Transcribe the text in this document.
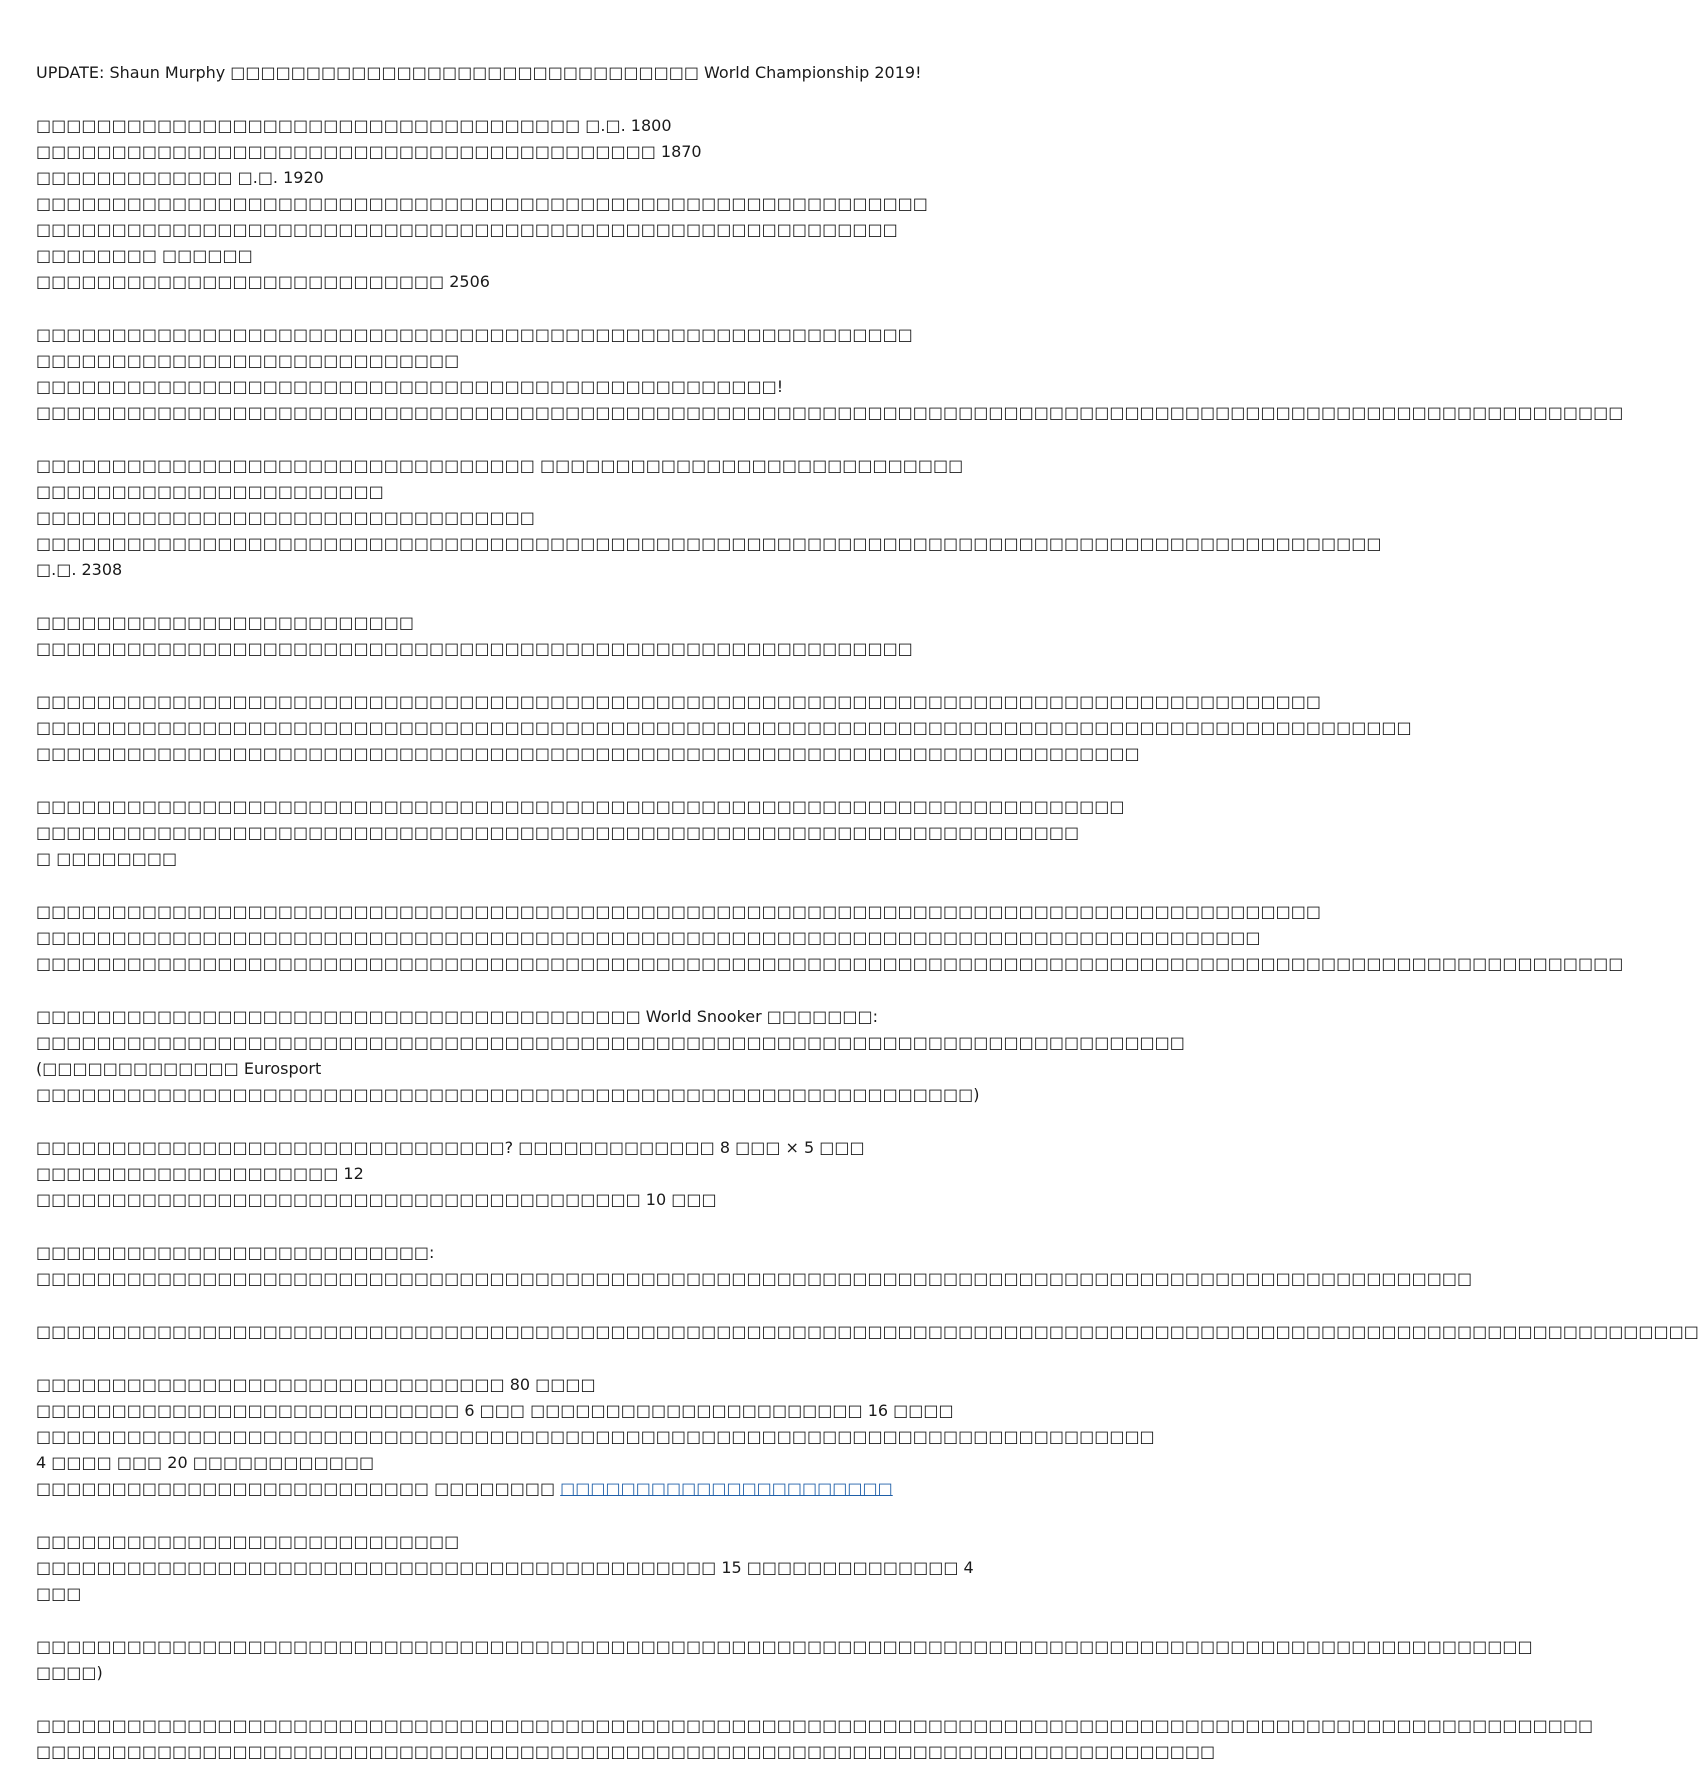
UPDATE: Shaun Murphy □□□□□□□□□□□□□□□□□□□□□□□□□□□□□□□ World Championship 2019!

□□□□□□□□□□□□□□□□□□□□□□□□□□□□□□□□□□□□ □.□. 1800 □□□□□□□□□□□□□□□□□□□□□□□□□□□□□□□□□□□□□□□□□ 1870
□□□□□□□□□□□□□ □.□. 1920 □□□□□□□□□□□□□□□□□□□□□□□□□□□□□□□□□□□□□□□□□□□□□□□□□□□□□□□□□□□
□□□□□□□□□□□□□□□□□□□□□□□□□□□□□□□□□□□□□□□□□□□□□□□□□□□□□□□□□ □□□□□□□□ □□□□□□
□□□□□□□□□□□□□□□□□□□□□□□□□□□ 2506

□□□□□□□□□□□□□□□□□□□□□□□□□□□□□□□□□□□□□□□□□□□□□□□□□□□□□□□□□□ □□□□□□□□□□□□□□□□□□□□□□□□□□□□
□□□□□□□□□□□□□□□□□□□□□□□□□□□□□□□□□□□□□□□□□□□□□□□□□!
□□□□□□□□□□□□□□□□□□□□□□□□□□□□□□□□□□□□□□□□□□□□□□□□□□□□□□□□□□□□□□□□□□□□□□□□□□□□□□□□□□□□□□□□□□□□□□□□□□□□□□□□□

□□□□□□□□□□□□□□□□□□□□□□□□□□□□□□□□□ □□□□□□□□□□□□□□□□□□□□□□□□□□□□ □□□□□□□□□□□□□□□□□□□□□□□
□□□□□□□□□□□□□□□□□□□□□□□□□□□□□□□□□
□□□□□□□□□□□□□□□□□□□□□□□□□□□□□□□□□□□□□□□□□□□□□□□□□□□□□□□□□□□□□□□□□□□□□□□□□□□□□□□□□□□□□□□□□ □.□. 2308

□□□□□□□□□□□□□□□□□□□□□□□□□ □□□□□□□□□□□□□□□□□□□□□□□□□□□□□□□□□□□□□□□□□□□□□□□□□□□□□□□□□□

□□□□□□□□□□□□□□□□□□□□□□□□□□□□□□□□□□□□□□□□□□□□□□□□□□□□□□□□□□□□□□□□□□□□□□□□□□□□□□□□□□□□□
□□□□□□□□□□□□□□□□□□□□□□□□□□□□□□□□□□□□□□□□□□□□□□□□□□□□□□□□□□□□□□□□□□□□□□□□□□□□□□□□□□□□□□□□□□□
□□□□□□□□□□□□□□□□□□□□□□□□□□□□□□□□□□□□□□□□□□□□□□□□□□□□□□□□□□□□□□□□□□□□□□□□□

□□□□□□□□□□□□□□□□□□□□□□□□□□□□□□□□□□□□□□□□□□□□□□□□□□□□□□□□□□□□□□□□□□□□□□□□
□□□□□□□□□□□□□□□□□□□□□□□□□□□□□□□□□□□□□□□□□□□□□□□□□□□□□□□□□□□□□□□□□□□□□ □ □□□□□□□□

□□□□□□□□□□□□□□□□□□□□□□□□□□□□□□□□□□□□□□□□□□□□□□□□□□□□□□□□□□□□□□□□□□□□□□□□□□□□□□□□□□□□□
□□□□□□□□□□□□□□□□□□□□□□□□□□□□□□□□□□□□□□□□□□□□□□□□□□□□□□□□□□□□□□□□□□□□□□□□□□□□□□□□□
□□□□□□□□□□□□□□□□□□□□□□□□□□□□□□□□□□□□□□□□□□□□□□□□□□□□□□□□□□□□□□□□□□□□□□□□□□□□□□□□□□□□□□□□□□□□□□□□□□□□□□□□□

□□□□□□□□□□□□□□□□□□□□□□□□□□□□□□□□□□□□□□□□ World Snooker □□□□□□□:
□□□□□□□□□□□□□□□□□□□□□□□□□□□□□□□□□□□□□□□□□□□□□□□□□□□□□□□□□□□□□□□□□□□□□□□□□□□□ (□□□□□□□□□□□□□ Eurosport
□□□□□□□□□□□□□□□□□□□□□□□□□□□□□□□□□□□□□□□□□□□□□□□□□□□□□□□□□□□□□□)

□□□□□□□□□□□□□□□□□□□□□□□□□□□□□□□? □□□□□□□□□□□□□ 8 □□□ × 5 □□□ □□□□□□□□□□□□□□□□□□□□ 12
□□□□□□□□□□□□□□□□□□□□□□□□□□□□□□□□□□□□□□□□ 10 □□□

□□□□□□□□□□□□□□□□□□□□□□□□□□:
□□□□□□□□□□□□□□□□□□□□□□□□□□□□□□□□□□□□□□□□□□□□□□□□□□□□□□□□□□□□□□□□□□□□□□□□□□□□□□□□□□□□□□□□□□□□□□□

□□□□□□□□□□□□□□□□□□□□□□□□□□□□□□□□□□□□□□□□□□□□□□□□□□□□□□□□□□□□□□□□□□□□□□□□□□□□□□□□□□□□□□□□□□□□□□□□□□□□□□□□□□□□□□

□□□□□□□□□□□□□□□□□□□□□□□□□□□□□□□ 80 □□□□ □□□□□□□□□□□□□□□□□□□□□□□□□□□□ 6 □□□ □□□□□□□□□□□□□□□□□□□□□□ 16 □□□□
□□□□□□□□□□□□□□□□□□□□□□□□□□□□□□□□□□□□□□□□□□□□□□□□□□□□□□□□□□□□□□□□□□□□□□□□□□ 4 □□□□ □□□ 20 □□□□□□□□□□□□
□□□□□□□□□□□□□□□□□□□□□□□□□□ □□□□□□□□ □□□□□□□□□□□□□□□□□□□□□□

□□□□□□□□□□□□□□□□□□□□□□□□□□□□ □□□□□□□□□□□□□□□□□□□□□□□□□□□□□□□□□□□□□□□□□□□□□ 15 □□□□□□□□□□□□□□ 4 □□□

□□□□□□□□□□□□□□□□□□□□□□□□□□□□□□□□□□□□□□□□□□□□□□□□□□□□□□□□□□□□□□□□□□□□□□□□□□□□□□□□□□□□□□□□□□□□□□□□□□□ □□□□)

□□□□□□□□□□□□□□□□□□□□□□□□□□□□□□□□□□□□□□□□□□□□□□□□□□□□□□□□□□□□□□□□□□□□□□□□□□□□□□□□□□□□□□□□□□□□□□□□□□□□□□□
□□□□□□□□□□□□□□□□□□□□□□□□□□□□□□□□□□□□□□□□□□□□□□□□□□□□□□□□□□□□□□□□□□□□□□□□□□□□□□
